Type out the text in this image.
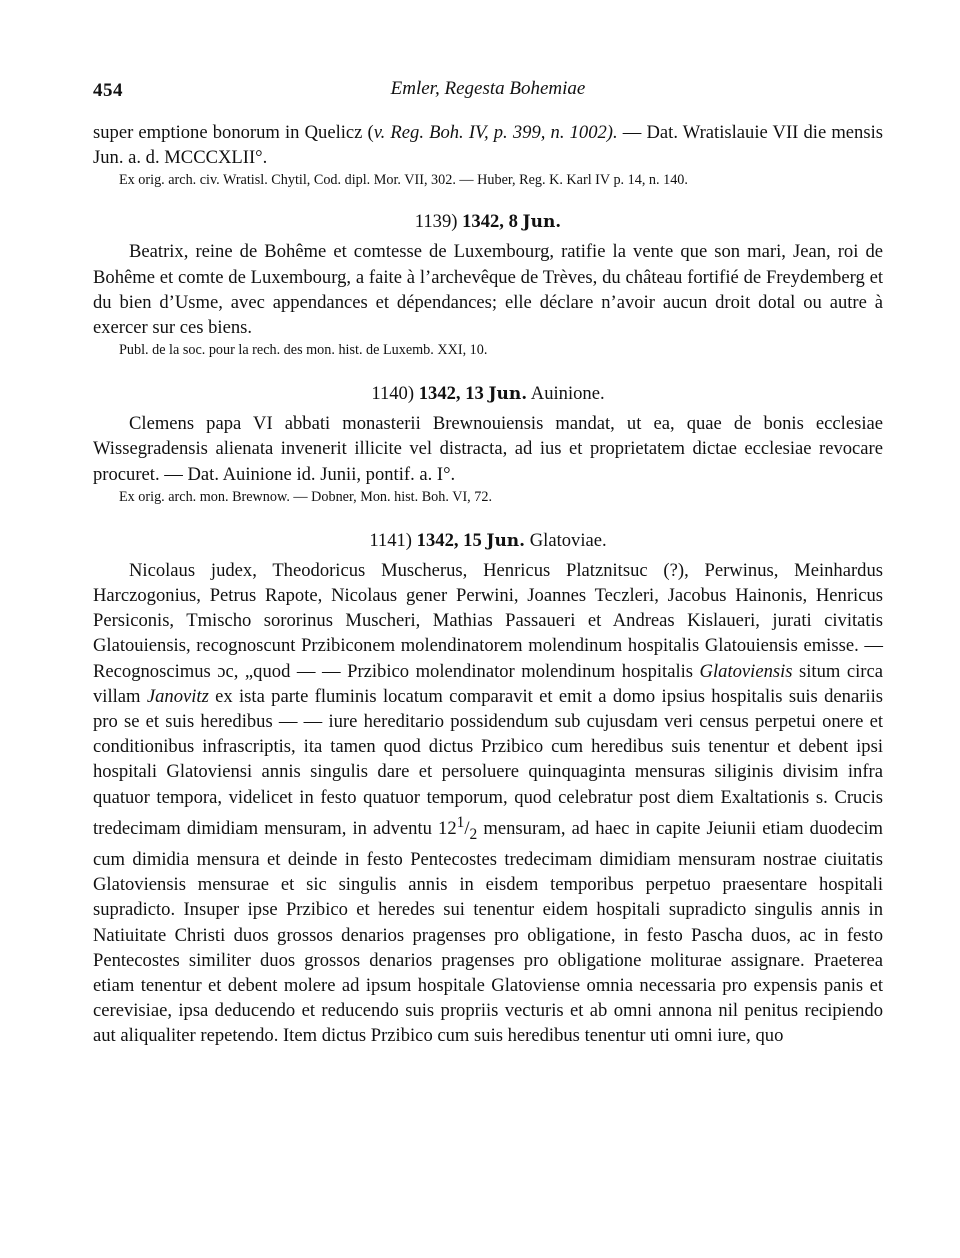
454	Emler, Regesta Bohemiae

super emptione bonorum in Quelicz (v. Reg. Boh. IV, p. 399, n. 1002). — Dat. Wratislauie VII die mensis Jun. a. d. MCCCXLII°.

Ex orig. arch. civ. Wratisl. Chytil, Cod. dipl. Mor. VII, 302. — Huber, Reg. K. Karl IV p. 14, n. 140.

1139) 1342, 8 Jun.

Beatrix, reine de Bohême et comtesse de Luxembourg, ratifie la vente que son mari, Jean, roi de Bohême et comte de Luxembourg, a faite à l’archevêque de Trèves, du château fortifié de Freydemberg et du bien d’Usme, avec appendances et dépendances; elle déclare n’avoir aucun droit dotal ou autre à exercer sur ces biens.

Publ. de la soc. pour la rech. des mon. hist. de Luxemb. XXI, 10.

1140) 1342, 13 Jun. Auinione.

Clemens papa VI abbati monasterii Brewnouiensis mandat, ut ea, quae de bonis ecclesiae Wissegradensis alienata invenerit illicite vel distracta, ad ius et proprietatem dictae ecclesiae revocare procuret. — Dat. Auinione id. Junii, pontif. a. I°.

Ex orig. arch. mon. Brewnow. — Dobner, Mon. hist. Boh. VI, 72.

1141) 1342, 15 Jun. Glatoviae.

Nicolaus judex, Theodoricus Muscherus, Henricus Platznitsuc (?), Perwinus, Meinhardus Harczogonius, Petrus Rapote, Nicolaus gener Perwini, Joannes Teczleri, Jacobus Hainonis, Henricus Persiconis, Tmischo sororinus Muscheri, Mathias Passaueri et Andreas Kislaueri, jurati civitatis Glatouiensis, recognoscunt Przibiconem molendinatorem molendinum hospitalis Glatouiensis emisse. — Recognoscimus ɔc, „quod — — Przibico molendinator molendinum hospitalis Glatoviensis situm circa villam Janovitz ex ista parte fluminis locatum comparavit et emit a domo ipsius hospitalis suis denariis pro se et suis heredibus — — iure hereditario possidendum sub cujusdam veri census perpetui onere et conditionibus infrascriptis, ita tamen quod dictus Przibico cum heredibus suis tenentur et debent ipsi hospitali Glatoviensi annis singulis dare et persoluere quinquaginta mensuras siliginis divisim infra quatuor tempora, videlicet in festo quatuor temporum, quod celebratur post diem Exaltationis s. Crucis tredecimam dimidiam mensuram, in adventu $12^1/_2$ mensuram, ad haec in capite Jeiunii etiam duodecim cum dimidia mensura et deinde in festo Pentecostes tredecimam dimidiam mensuram nostrae ciuitatis Glatoviensis mensurae et sic singulis annis in eisdem temporibus perpetuo praesentare hospitali supradicto. Insuper ipse Przibico et heredes sui tenentur eidem hospitali supradicto singulis annis in Natiuitate Christi duos grossos denarios pragenses pro obligatione, in festo Pascha duos, ac in festo Pentecostes similiter duos grossos denarios pragenses pro obligatione moliturae assignare. Praeterea etiam tenentur et debent molere ad ipsum hospitale Glatoviense omnia necessaria pro expensis panis et cerevisiae, ipsa deducendo et reducendo suis propriis vecturis et ab omni annona nil penitus recipiendo aut aliqualiter repetendo. Item dictus Przibico cum suis heredibus tenentur uti omni iure, quo
